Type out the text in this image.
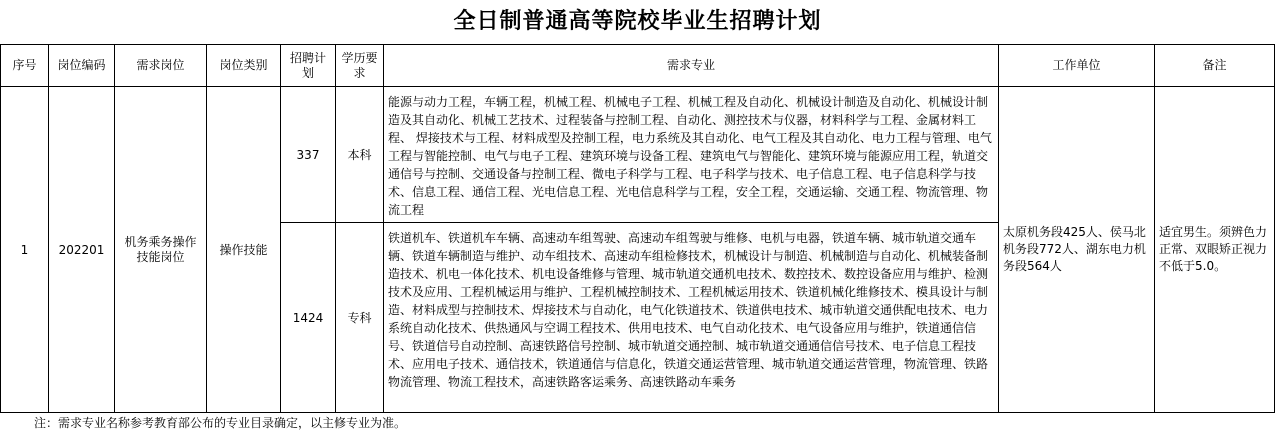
全日制普通高等院校毕业生招聘计划
序号	岗位编码	需求岗位	岗位类别	招聘计划	学历要求	需求专业	工作单位	备注
1	202201	机务乘务操作技能岗位	操作技能	337	本科	能源与动力工程，车辆工程，机械工程、机械电子工程、机械工程及自动化、机械设计制造及自动化、机械设计制造及其自动化、机械工艺技术、过程装备与控制工程、自动化、测控技术与仪器，材料科学与工程、金属材料工程、 焊接技术与工程、材料成型及控制工程，电力系统及其自动化、电气工程及其自动化、电力工程与管理、电气工程与智能控制、电气与电子工程、建筑环境与设备工程、建筑电气与智能化、建筑环境与能源应用工程，轨道交通信号与控制、交通设备与控制工程、微电子科学与工程、电子科学与技术、电子信息工程、电子信息科学与技术、信息工程、通信工程、光电信息工程、光电信息科学与工程，安全工程，交通运输、交通工程、物流管理、物流工程	太原机务段425人、侯马北机务段772人、湖东电力机务段564人	适宜男生。须辨色力正常、双眼矫正视力不低于5.0。
				1424	专科	铁道机车、铁道机车车辆、高速动车组驾驶、高速动车组驾驶与维修、电机与电器，铁道车辆、城市轨道交通车辆、铁道车辆制造与维护、动车组技术、高速动车组检修技术，机械设计与制造、机械制造与自动化、机械装备制造技术、机电一体化技术、机电设备维修与管理、城市轨道交通机电技术、数控技术、数控设备应用与维护、检测技术及应用、工程机械运用与维护、工程机械控制技术、工程机械运用技术、铁道机械化维修技术、模具设计与制造、材料成型与控制技术、焊接技术与自动化，电气化铁道技术、铁道供电技术、城市轨道交通供配电技术、电力系统自动化技术、供热通风与空调工程技术、供用电技术、电气自动化技术、电气设备应用与维护，铁道通信信号、铁道信号自动控制、高速铁路信号控制、城市轨道交通控制、城市轨道交通通信信号技术、电子信息工程技术、应用电子技术、通信技术，铁道通信与信息化，铁道交通运营管理、城市轨道交通运营管理，物流管理、铁路物流管理、物流工程技术，高速铁路客运乘务、高速铁路动车乘务		
注：需求专业名称参考教育部公布的专业目录确定，以主修专业为准。
